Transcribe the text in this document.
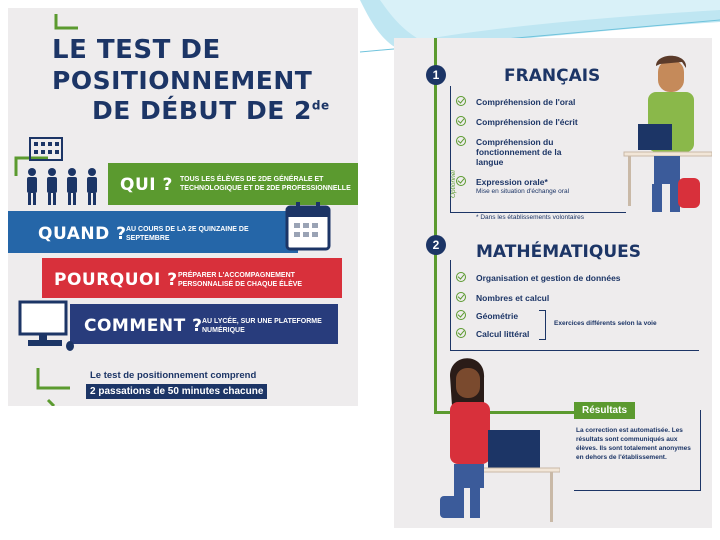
LE TEST DE
POSITIONNEMENT
DE DÉBUT DE 2de
QUI ? TOUS LES ÉLÈVES DE 2DE GÉNÉRALE ET TECHNOLOGIQUE ET DE 2DE PROFESSIONNELLE
QUAND ? AU COURS DE LA 2E QUINZAINE DE SEPTEMBRE
POURQUOI ? PRÉPARER L'ACCOMPAGNEMENT PERSONNALISÉ DE CHAQUE ÉLÈVE
COMMENT ? AU LYCÉE, SUR UNE PLATEFORME NUMÉRIQUE
Le test de positionnement comprend
2 passations de 50 minutes chacune
1	FRANÇAIS
Compréhension de l'oral
Compréhension de l'écrit
Compréhension du fonctionnement de la langue
Expression orale*
Mise en situation d'échange oral
Optionnel
* Dans les établissements volontaires
2	MATHÉMATIQUES
Organisation et gestion de données
Nombres et calcul
Géométrie
Calcul littéral
Exercices différents selon la voie
Résultats
La correction est automatisée. Les résultats sont communiqués aux élèves. Ils sont totalement anonymes en dehors de l'établissement.
